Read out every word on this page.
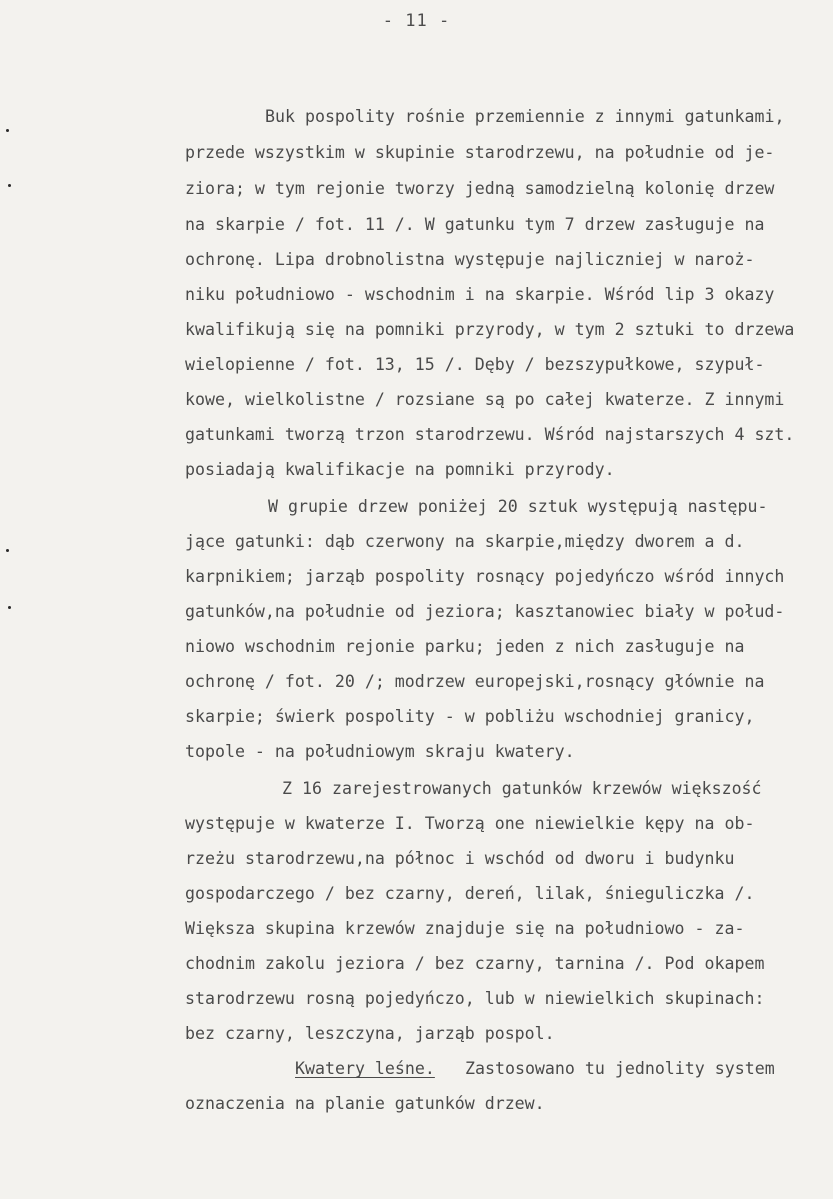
- 11 -
Buk pospolity rośnie przemiennie z innymi gatunkami,
przede wszystkim w skupinie starodrzewu, na południe od je-
ziora; w tym rejonie tworzy jedną samodzielną kolonię drzew
na skarpie / fot. 11 /. W gatunku tym 7 drzew zasługuje na
ochronę. Lipa drobnolistna występuje najliczniej w naroż-
niku południowo - wschodnim i na skarpie. Wśród lip 3 okazy
kwalifikują się na pomniki przyrody, w tym 2 sztuki to drzewa
wielopienne / fot. 13, 15 /. Dęby / bezszypułkowe, szypuł-
kowe, wielkolistne / rozsiane są po całej kwaterze. Z innymi
gatunkami tworzą trzon starodrzewu. Wśród najstarszych 4 szt.
posiadają kwalifikacje na pomniki przyrody.
W grupie drzew poniżej 20 sztuk występują następu-
jące gatunki: dąb czerwony na skarpie,między dworem a d.
karpnikiem; jarząb pospolity rosnący pojedyńczo wśród innych
gatunków,na południe od jeziora; kasztanowiec biały w połud-
niowo wschodnim rejonie parku; jeden z nich zasługuje na
ochronę / fot. 20 /; modrzew europejski,rosnący głównie na
skarpie; świerk pospolity - w pobliżu wschodniej granicy,
topole - na południowym skraju kwatery.
Z 16 zarejestrowanych gatunków krzewów większość
występuje w kwaterze I. Tworzą one niewielkie kępy na ob-
rzeżu starodrzewu,na północ i wschód od dworu i budynku
gospodarczego / bez czarny, dereń, lilak, śnieguliczka /.
Większa skupina krzewów znajduje się na południowo - za-
chodnim zakolu jeziora / bez czarny, tarnina /. Pod okapem
starodrzewu rosną pojedyńczo, lub w niewielkich skupinach:
bez czarny, leszczyna, jarząb pospol.
Kwatery leśne. Zastosowano tu jednolity system
oznaczenia na planie gatunków drzew.
